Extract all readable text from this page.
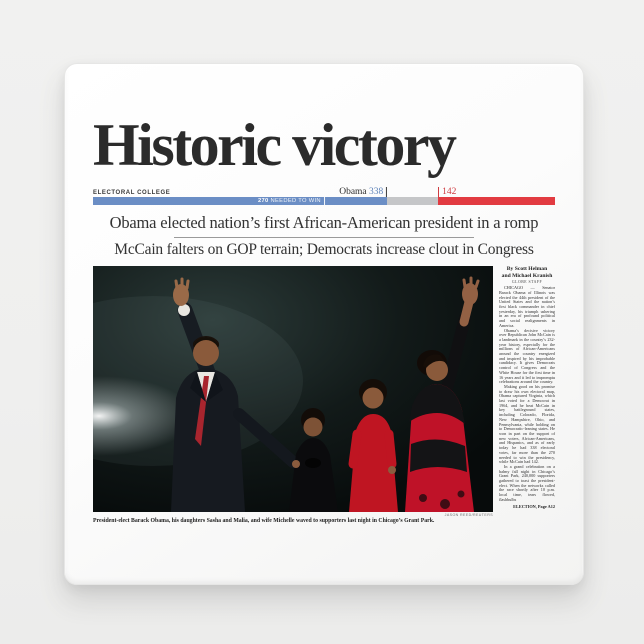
Historic victory
ELECTORAL COLLEGE	Obama 338	142
270 NEEDED TO WIN
Obama elected nation’s first African-American president in a romp
McCain falters on GOP terrain; Democrats increase clout in Congress
JASON REED/REUTERS
President-elect Barack Obama, his daughters Sasha and Malia, and wife Michelle waved to supporters last night in Chicago’s Grant Park.
By Scott Helman
and Michael Kranish
GLOBE STAFF

CHICAGO — Senator Barack Obama of Illinois was elected the 44th president of the United States and the nation’s first black commander in chief yesterday, his triumph ushering in an era of profound political and social realignments in America.

Obama’s decisive victory over Republican John McCain is a landmark in the country’s 232-year history, especially for the millions of African-Americans around the country energized and inspired by his improbable candidacy. It gives Democrats control of Congress and the White House for the first time in 16 years and it led to impromptu celebrations around the country.

Making good on his promise to draw his own electoral map, Obama captured Virginia, which last voted for a Democrat in 1964, and he beat McCain in key battleground states, including Colorado, Florida, New Hampshire, Ohio, and Pennsylvania, while holding on to Democratic-leaning states. He won in part on the support of new voters, African-Americans, and Hispanics, and as of early today he had 338 electoral votes, far more than the 270 needed to win the presidency, while McCain had 142.

In a grand celebration on a balmy fall night in Chicago’s Grant Park, 240,000 supporters gathered to toast the president-elect. When the networks called the race shortly after 10 p.m. local time, tears flowed, flashbulbs

ELECTION, Page A12
